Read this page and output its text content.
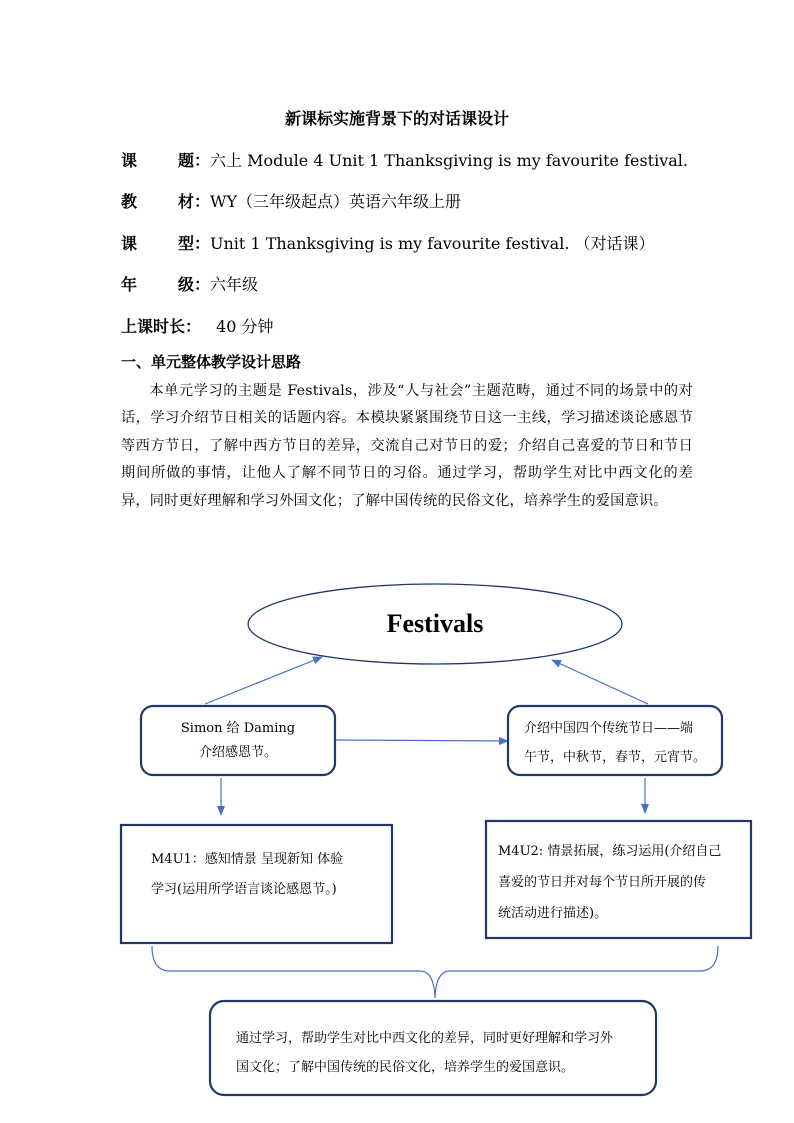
新课标实施背景下的对话课设计
课	题：六上 Module 4 Unit 1 Thanksgiving is my favourite festival.
教	材：WY（三年级起点）英语六年级上册
课	型：Unit 1 Thanksgiving is my favourite festival. （对话课）
年	级：六年级
上课时长： 40 分钟
一、单元整体教学设计思路
本单元学习的主题是 Festivals，涉及“人与社会”主题范畴，通过不同的场景中的对话，学习介绍节日相关的话题内容。本模块紧紧围绕节日这一主线，学习描述谈论感恩节等西方节日，了解中西方节日的差异，交流自己对节日的爱；介绍自己喜爱的节日和节日期间所做的事情，让他人了解不同节日的习俗。通过学习，帮助学生对比中西文化的差异，同时更好理解和学习外国文化；了解中国传统的民俗文化，培养学生的爱国意识。
Festivals
Simon 给 Daming
介绍感恩节。
介绍中国四个传统节日——端
午节，中秋节，春节，元宵节。
M4U1：感知情景 呈现新知 体验
学习(运用所学语言谈论感恩节。)
M4U2: 情景拓展，练习运用(介绍自己
喜爱的节日并对每个节日所开展的传
统活动进行描述)。
通过学习，帮助学生对比中西文化的差异，同时更好理解和学习外
国文化；了解中国传统的民俗文化，培养学生的爱国意识。
